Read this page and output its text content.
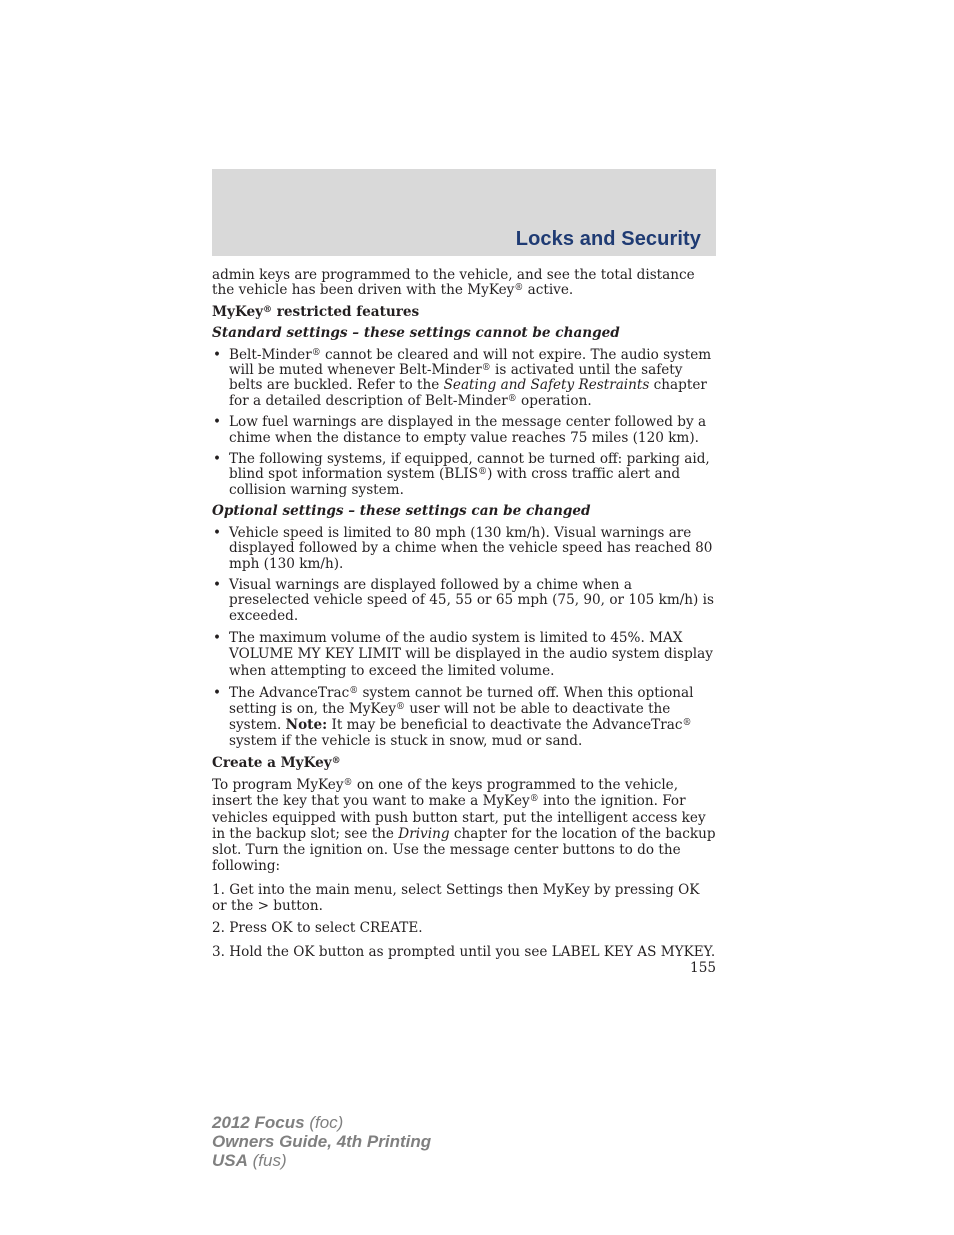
Locks and Security

admin keys are programmed to the vehicle, and see the total distance the vehicle has been driven with the MyKey® active.

MyKey® restricted features
Standard settings – these settings cannot be changed
• Belt-Minder® cannot be cleared and will not expire. The audio system will be muted whenever Belt-Minder® is activated until the safety belts are buckled. Refer to the Seating and Safety Restraints chapter for a detailed description of Belt-Minder® operation.
• Low fuel warnings are displayed in the message center followed by a chime when the distance to empty value reaches 75 miles (120 km).
• The following systems, if equipped, cannot be turned off: parking aid, blind spot information system (BLIS®) with cross traffic alert and collision warning system.
Optional settings – these settings can be changed
• Vehicle speed is limited to 80 mph (130 km/h). Visual warnings are displayed followed by a chime when the vehicle speed has reached 80 mph (130 km/h).
• Visual warnings are displayed followed by a chime when a preselected vehicle speed of 45, 55 or 65 mph (75, 90, or 105 km/h) is exceeded.
• The maximum volume of the audio system is limited to 45%. MAX VOLUME MY KEY LIMIT will be displayed in the audio system display when attempting to exceed the limited volume.
• The AdvanceTrac® system cannot be turned off. When this optional setting is on, the MyKey® user will not be able to deactivate the system. Note: It may be beneficial to deactivate the AdvanceTrac® system if the vehicle is stuck in snow, mud or sand.
Create a MyKey®

To program MyKey® on one of the keys programmed to the vehicle, insert the key that you want to make a MyKey® into the ignition. For vehicles equipped with push button start, put the intelligent access key in the backup slot; see the Driving chapter for the location of the backup slot. Turn the ignition on. Use the message center buttons to do the following:

1. Get into the main menu, select Settings then MyKey by pressing OK or the > button.

2. Press OK to select CREATE.

3. Hold the OK button as prompted until you see LABEL KEY AS MYKEY.

155
2012 Focus (foc)
Owners Guide, 4th Printing
USA (fus)
